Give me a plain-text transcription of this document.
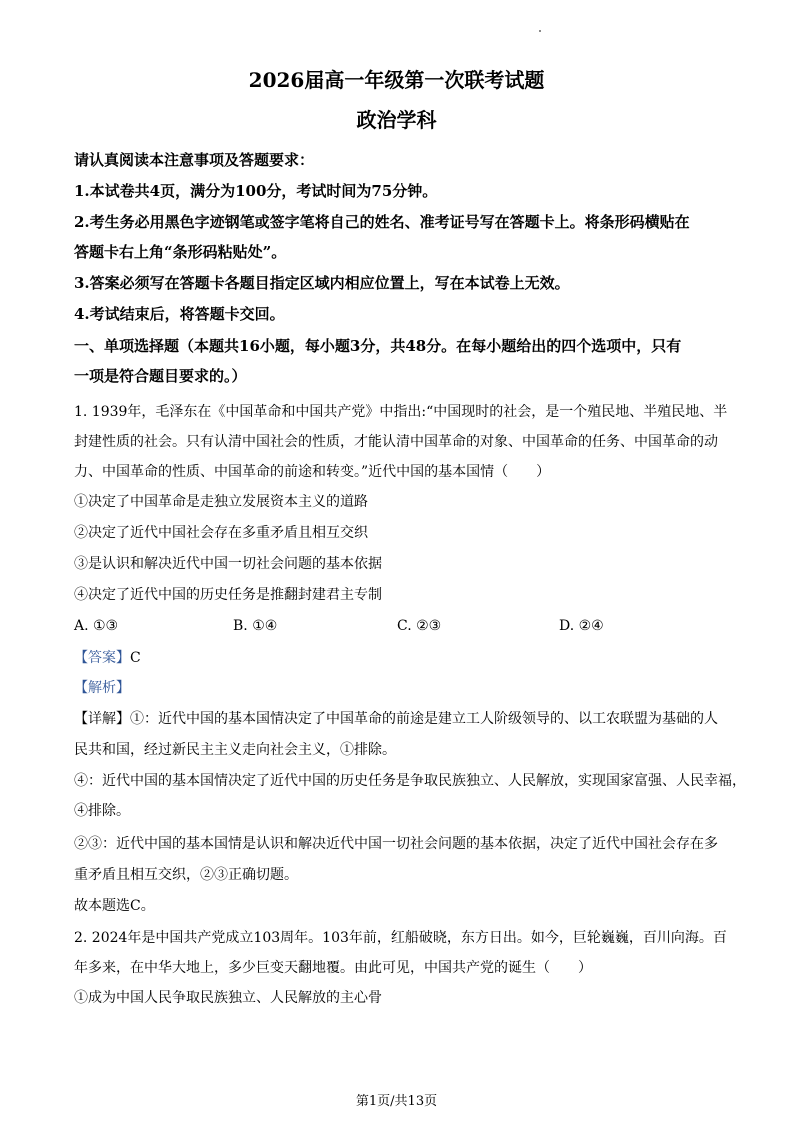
2026届高一年级第一次联考试题
政治学科
请认真阅读本注意事项及答题要求：
1.本试卷共4页，满分为100分，考试时间为75分钟。
2.考生务必用黑色字迹钢笔或签字笔将自己的姓名、准考证号写在答题卡上。将条形码横贴在
答题卡右上角“条形码粘贴处”。
3.答案必须写在答题卡各题目指定区域内相应位置上，写在本试卷上无效。
4.考试结束后，将答题卡交回。
一、单项选择题（本题共16小题，每小题3分，共48分。在每小题给出的四个选项中，只有
一项是符合题目要求的。）
1. 1939年，毛泽东在《中国革命和中国共产党》中指出:“中国现时的社会，是一个殖民地、半殖民地、半
封建性质的社会。只有认清中国社会的性质，才能认清中国革命的对象、中国革命的任务、中国革命的动
力、中国革命的性质、中国革命的前途和转变。”近代中国的基本国情（　　）
①决定了中国革命是走独立发展资本主义的道路
②决定了近代中国社会存在多重矛盾且相互交织
③是认识和解决近代中国一切社会问题的基本依据
④决定了近代中国的历史任务是推翻封建君主专制
A. ①③	B. ①④	C. ②③	D. ②④
【答案】C
【解析】
【详解】①：近代中国的基本国情决定了中国革命的前途是建立工人阶级领导的、以工农联盟为基础的人
民共和国，经过新民主主义走向社会主义，①排除。
④：近代中国的基本国情决定了近代中国的历史任务是争取民族独立、人民解放，实现国家富强、人民幸福，
④排除。
②③：近代中国的基本国情是认识和解决近代中国一切社会问题的基本依据，决定了近代中国社会存在多
重矛盾且相互交织，②③正确切题。
故本题选C。
2. 2024年是中国共产党成立103周年。103年前，红船破晓，东方日出。如今，巨轮巍巍，百川向海。百
年多来，在中华大地上，多少巨变天翻地覆。由此可见，中国共产党的诞生（　　）
①成为中国人民争取民族独立、人民解放的主心骨
第1页/共13页
